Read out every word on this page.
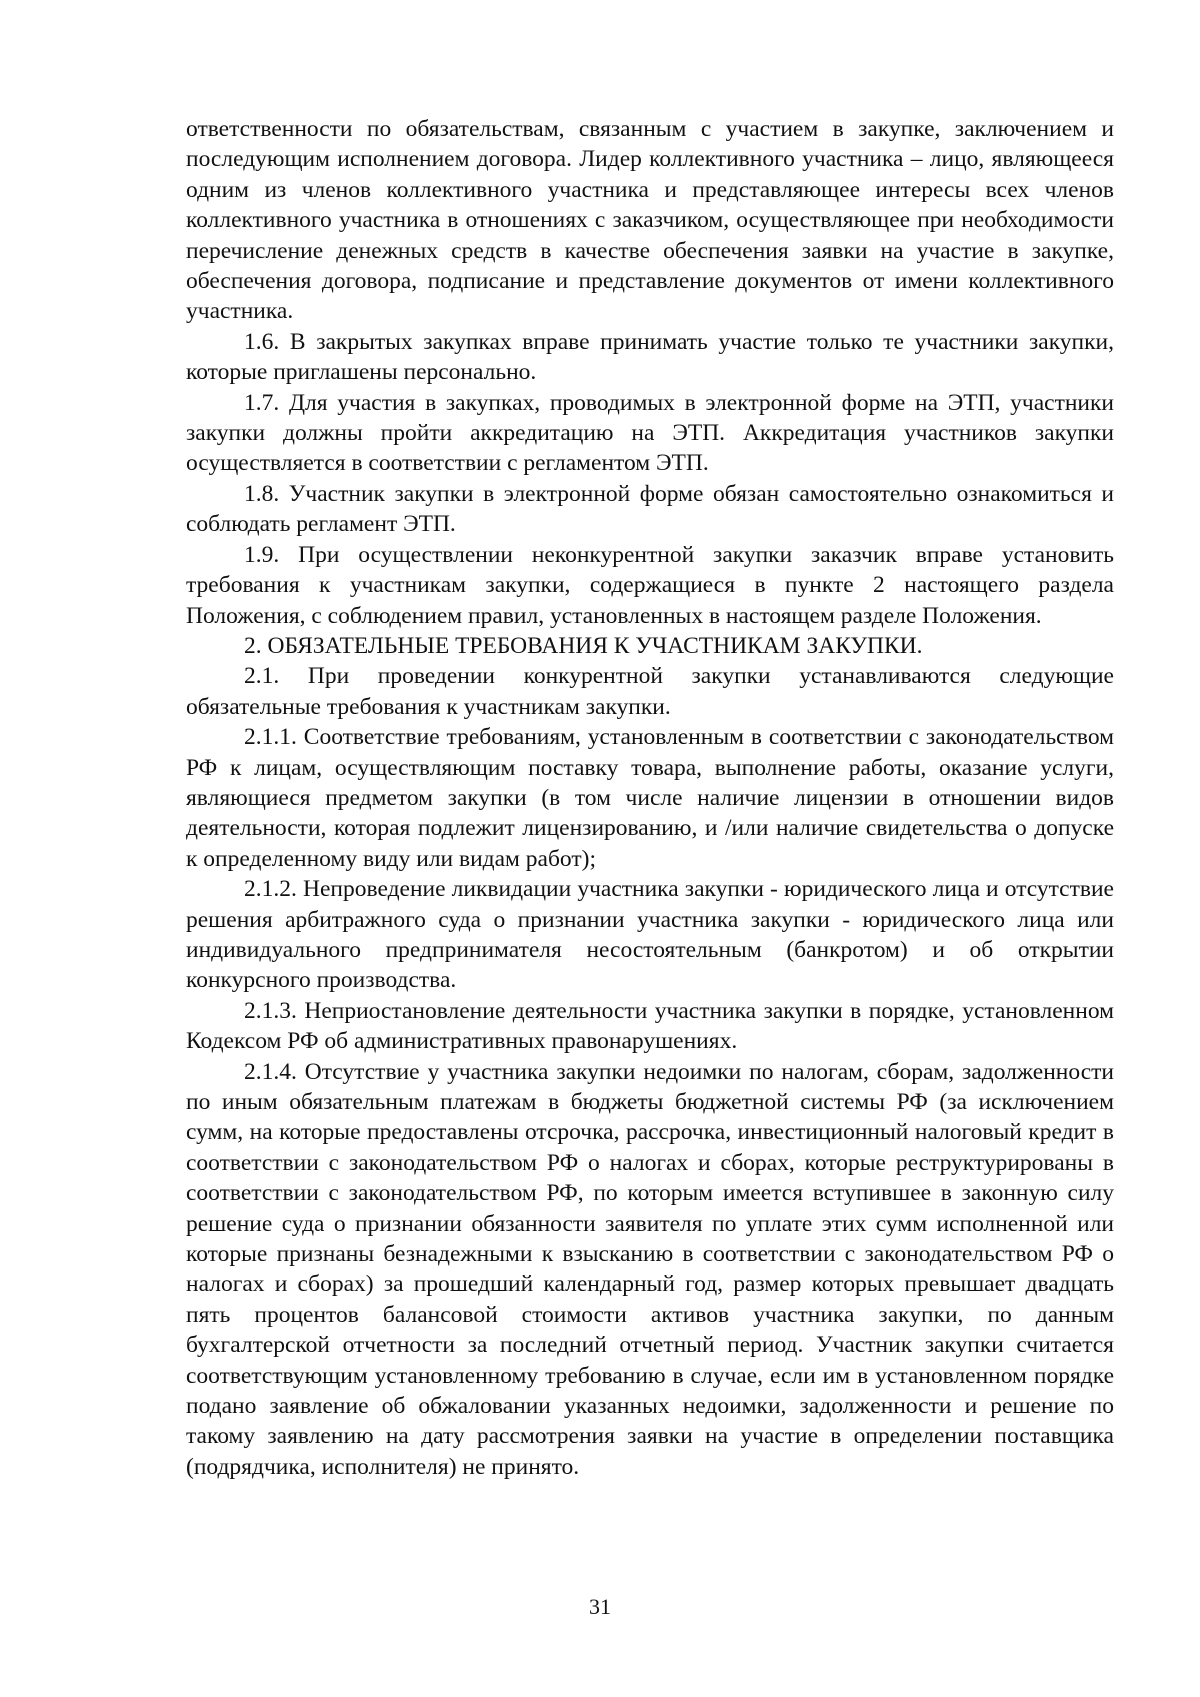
ответственности по обязательствам, связанным с участием в закупке, заключением и последующим исполнением договора. Лидер коллективного участника – лицо, являющееся одним из членов коллективного участника и представляющее интересы всех членов коллективного участника в отношениях с заказчиком, осуществляющее при необходимости перечисление денежных средств в качестве обеспечения заявки на участие в закупке, обеспечения договора, подписание и представление документов от имени коллективного участника.

1.6. В закрытых закупках вправе принимать участие только те участники закупки, которые приглашены персонально.

1.7. Для участия в закупках, проводимых в электронной форме на ЭТП, участники закупки должны пройти аккредитацию на ЭТП. Аккредитация участников закупки осуществляется в соответствии с регламентом ЭТП.

1.8. Участник закупки в электронной форме обязан самостоятельно ознакомиться и соблюдать регламент ЭТП.

1.9. При осуществлении неконкурентной закупки заказчик вправе установить требования к участникам закупки, содержащиеся в пункте 2 настоящего раздела Положения, с соблюдением правил, установленных в настоящем разделе Положения.

2. ОБЯЗАТЕЛЬНЫЕ ТРЕБОВАНИЯ К УЧАСТНИКАМ ЗАКУПКИ.

2.1. При проведении конкурентной закупки устанавливаются следующие обязательные требования к участникам закупки.

2.1.1. Соответствие требованиям, установленным в соответствии с законодательством РФ к лицам, осуществляющим поставку товара, выполнение работы, оказание услуги, являющиеся предметом закупки (в том числе наличие лицензии в отношении видов деятельности, которая подлежит лицензированию, и /или наличие свидетельства о допуске к определенному виду или видам работ);

2.1.2. Непроведение ликвидации участника закупки - юридического лица и отсутствие решения арбитражного суда о признании участника закупки - юридического лица или индивидуального предпринимателя несостоятельным (банкротом) и об открытии конкурсного производства.

2.1.3. Неприостановление деятельности участника закупки в порядке, установленном Кодексом РФ об административных правонарушениях.

2.1.4. Отсутствие у участника закупки недоимки по налогам, сборам, задолженности по иным обязательным платежам в бюджеты бюджетной системы РФ (за исключением сумм, на которые предоставлены отсрочка, рассрочка, инвестиционный налоговый кредит в соответствии с законодательством РФ о налогах и сборах, которые реструктурированы в соответствии с законодательством РФ, по которым имеется вступившее в законную силу решение суда о признании обязанности заявителя по уплате этих сумм исполненной или которые признаны безнадежными к взысканию в соответствии с законодательством РФ о налогах и сборах) за прошедший календарный год, размер которых превышает двадцать пять процентов балансовой стоимости активов участника закупки, по данным бухгалтерской отчетности за последний отчетный период. Участник закупки считается соответствующим установленному требованию в случае, если им в установленном порядке подано заявление об обжаловании указанных недоимки, задолженности и решение по такому заявлению на дату рассмотрения заявки на участие в определении поставщика (подрядчика, исполнителя) не принято.

31
